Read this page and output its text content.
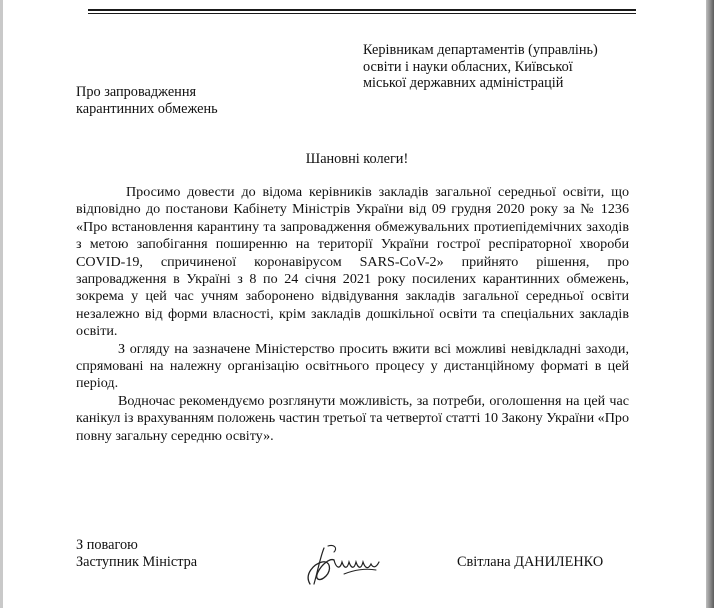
Керівникам департаментів (управлінь)
освіти і науки обласних, Київської
міської державних адміністрацій
Про запровадження
карантинних обмежень
Шановні колеги!

Просимо довести до відома керівників закладів загальної середньої освіти, що відповідно до постанови Кабінету Міністрів України від 09 грудня 2020 року за № 1236 «Про встановлення карантину та запровадження обмежувальних протиепідемічних заходів з метою запобігання поширенню на території України гострої респіраторної хвороби COVID-19, спричиненої коронавірусом SARS-CoV-2» прийнято рішення, про запровадження в Україні з 8 по 24 січня 2021 року посилених карантинних обмежень, зокрема у цей час учням заборонено відвідування закладів загальної середньої освіти незалежно від форми власності, крім закладів дошкільної освіти та спеціальних закладів освіти.

З огляду на зазначене Міністерство просить вжити всі можливі невідкладні заходи, спрямовані на належну організацію освітнього процесу у дистанційному форматі в цей період.

Водночас рекомендуємо розглянути можливість, за потреби, оголошення на цей час канікул із врахуванням положень частин третьої та четвертої статті 10 Закону України «Про повну загальну середню освіту».

З повагою
Заступник Міністра	Світлана ДАНИЛЕНКО
